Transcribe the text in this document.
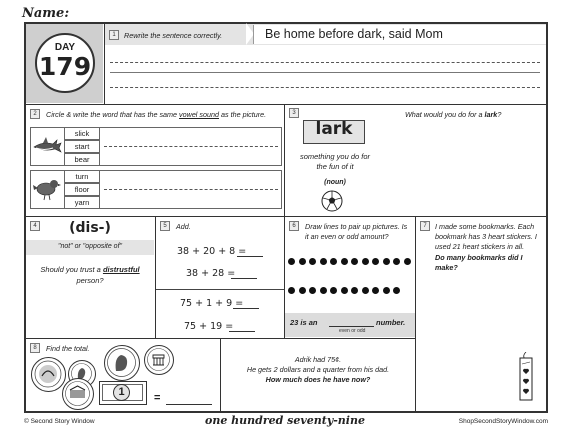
Name:
DAY
179
1	Rewrite the sentence correctly.	Be home before dark, said Mom
2	Circle & write the word that has the same vowel sound as the picture.
slick
start
bear
turn
floor
yarn
3
lark
something you do for the fun of it
(noun)
What would you do for a lark?
4	(dis-)
"not" or "opposite of"
Should you trust a distrustful person?
5	Add.
38 + 20 + 8 =
38 + 28 =
75 + 1 + 9 =
75 + 19 =
6	Draw lines to pair up pictures. Is it an even or odd amount?
23 is an	number.
even or odd
7	I made some bookmarks. Each bookmark has 3 heart stickers. I used 21 heart stickers in all.
Do many bookmarks did I make?
8	Find the total.
1	=
Adrik had 75¢.
He gets 2 dollars and a quarter from his dad.
How much does he have now?
© Second Story Window	one hundred seventy-nine	ShopSecondStoryWindow.com
